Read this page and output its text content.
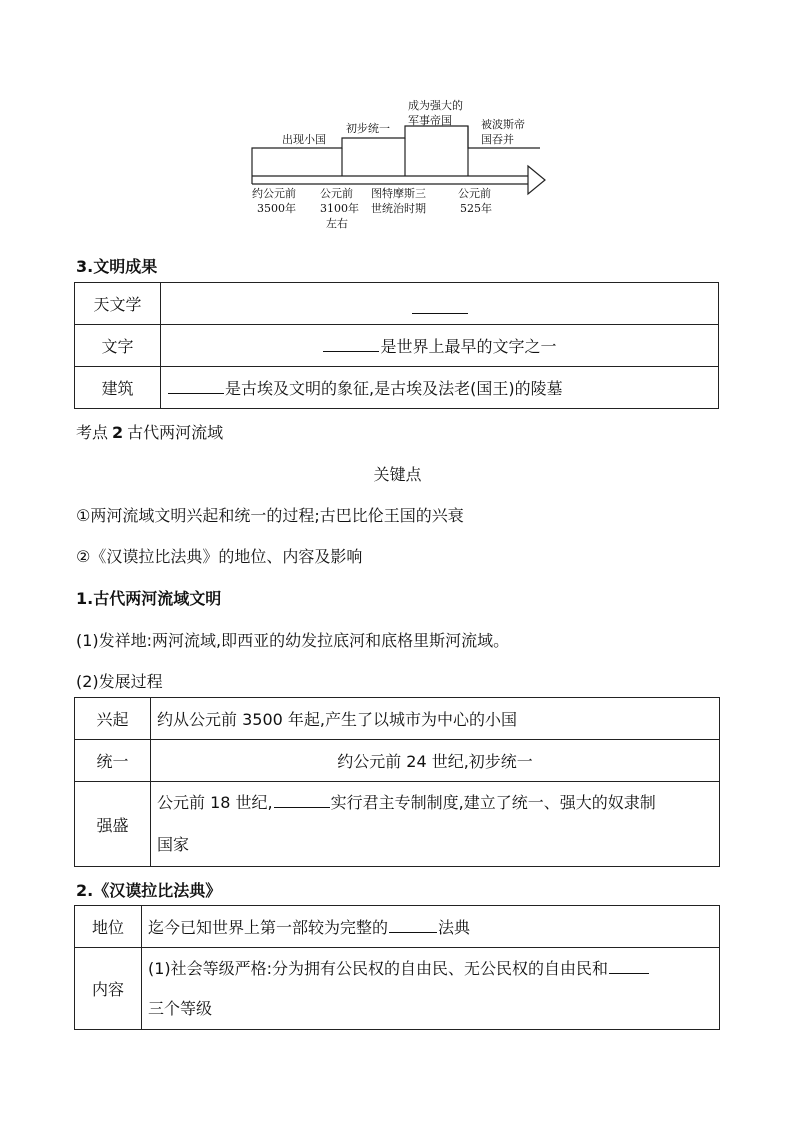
出现小国
初步统一
成为强大的
军事帝国	被波斯帝
国吞并
约公元前
3500年
公元前
3100年
左右
图特摩斯三
世统治时期
公元前
525年
3.文明成果
天文学	
文字	是世界上最早的文字之一
建筑	是古埃及文明的象征,是古埃及法老(国王)的陵墓
考点 2 古代两河流域
关键点
①两河流域文明兴起和统一的过程;古巴比伦王国的兴衰
②《汉谟拉比法典》的地位、内容及影响
1.古代两河流域文明
(1)发祥地:两河流域,即西亚的幼发拉底河和底格里斯河流域。
(2)发展过程
兴起	约从公元前 3500 年起,产生了以城市为中心的小国
统一	约公元前 24 世纪,初步统一
强盛	公元前 18 世纪, 实行君主专制制度,建立了统一、强大的奴隶制
国家
2.《汉谟拉比法典》
地位	迄今已知世界上第一部较为完整的 法典
内容	(1)社会等级严格:分为拥有公民权的自由民、无公民权的自由民和
三个等级
